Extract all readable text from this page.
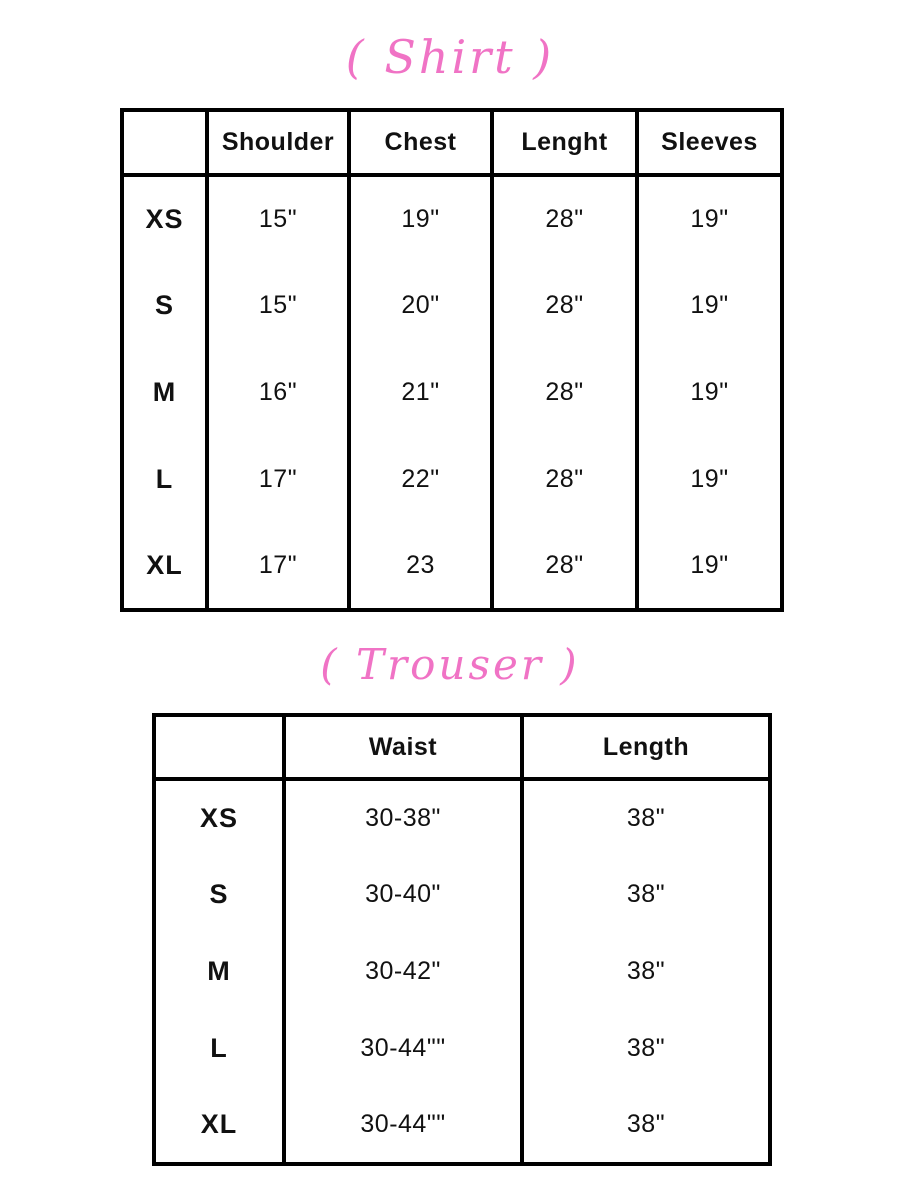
( Shirt )
	Shoulder	Chest	Lenght	Sleeves
XS	15"	19"	28"	19"
S	15"	20"	28"	19"
M	16"	21"	28"	19"
L	17"	22"	28"	19"
XL	17"	23	28"	19"
( Trouser )
	Waist	Length
XS	30-38"	38"
S	30-40"	38"
M	30-42"	38"
L	30-44""	38"
XL	30-44""	38"
